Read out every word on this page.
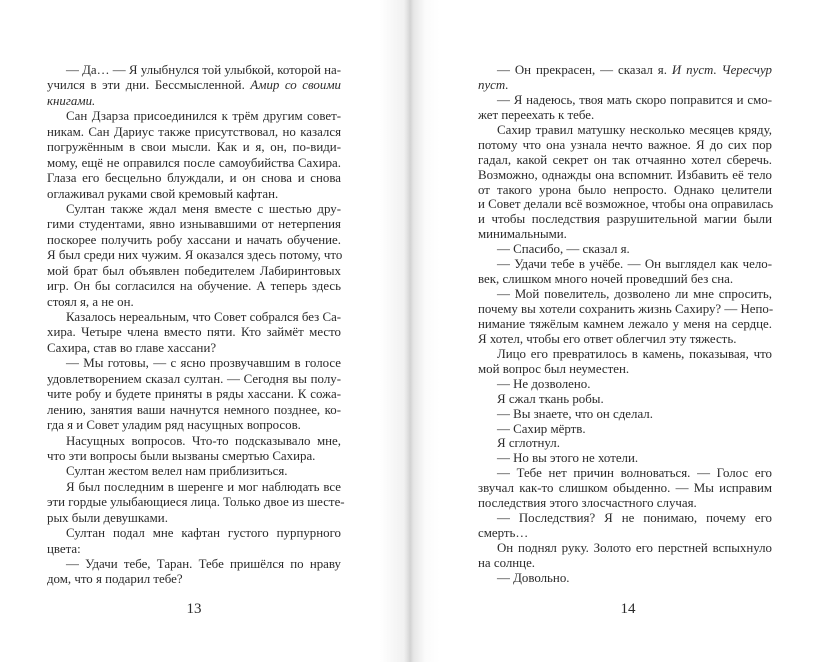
— Да… — Я улыбнулся той улыбкой, которой на-
учился в эти дни. Бессмысленной. Амир со своими
книгами.
Сан Дзарза присоединился к трём другим совет-
никам. Сан Дариус также присутствовал, но казался
погружённым в свои мысли. Как и я, он, по-види-
мому, ещё не оправился после самоубийства Сахира.
Глаза его бесцельно блуждали, и он снова и снова
оглаживал руками свой кремовый кафтан.
Султан также ждал меня вместе с шестью дру-
гими студентами, явно изнывавшими от нетерпения
поскорее получить робу хассани и начать обучение.
Я был среди них чужим. Я оказался здесь потому, что
мой брат был объявлен победителем Лабиринтовых
игр. Он бы согласился на обучение. А теперь здесь
стоял я, а не он.
Казалось нереальным, что Совет собрался без Са-
хира. Четыре члена вместо пяти. Кто займёт место
Сахира, став во главе хассани?
— Мы готовы, — с ясно прозвучавшим в голосе
удовлетворением сказал султан. — Сегодня вы полу-
чите робу и будете приняты в ряды хассани. К сожа-
лению, занятия ваши начнутся немного позднее, ко-
гда я и Совет уладим ряд насущных вопросов.
Насущных вопросов. Что-то подсказывало мне,
что эти вопросы были вызваны смертью Сахира.
Султан жестом велел нам приблизиться.
Я был последним в шеренге и мог наблюдать все
эти гордые улыбающиеся лица. Только двое из шесте-
рых были девушками.
Султан подал мне кафтан густого пурпурного
цвета:
— Удачи тебе, Таран. Тебе пришёлся по нраву
дом, что я подарил тебе?
— Он прекрасен, — сказал я. И пуст. Чересчур
пуст.
— Я надеюсь, твоя мать скоро поправится и смо-
жет переехать к тебе.
Сахир травил матушку несколько месяцев кряду,
потому что она узнала нечто важное. Я до сих пор
гадал, какой секрет он так отчаянно хотел сберечь.
Возможно, однажды она вспомнит. Избавить её тело
от такого урона было непросто. Однако целители
и Совет делали всё возможное, чтобы она оправилась
и чтобы последствия разрушительной магии были
минимальными.
— Спасибо, — сказал я.
— Удачи тебе в учёбе. — Он выглядел как чело-
век, слишком много ночей проведший без сна.
— Мой повелитель, дозволено ли мне спросить,
почему вы хотели сохранить жизнь Сахиру? — Непо-
нимание тяжёлым камнем лежало у меня на сердце.
Я хотел, чтобы его ответ облегчил эту тяжесть.
Лицо его превратилось в камень, показывая, что
мой вопрос был неуместен.
— Не дозволено.
Я сжал ткань робы.
— Вы знаете, что он сделал.
— Сахир мёртв.
Я сглотнул.
— Но вы этого не хотели.
— Тебе нет причин волноваться. — Голос его
звучал как-то слишком обыденно. — Мы исправим
последствия этого злосчастного случая.
— Последствия? Я не понимаю, почему его
смерть…
Он поднял руку. Золото его перстней вспыхнуло
на солнце.
— Довольно.
13	14
